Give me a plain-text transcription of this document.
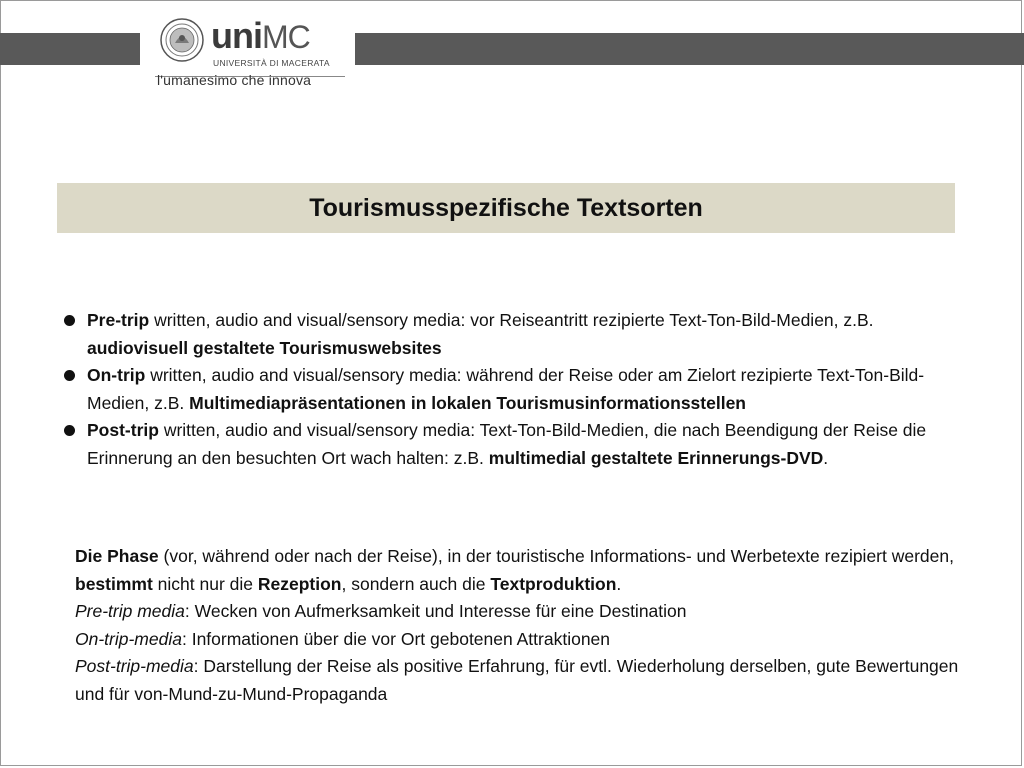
uniMC
UNIVERSITÀ DI MACERATA
l'umanesimo che innova
Tourismusspezifische Textsorten
Pre-trip written, audio and visual/sensory media: vor Reiseantritt rezipierte Text-Ton-Bild-Medien, z.B. audiovisuell gestaltete Tourismuswebsites
On-trip written, audio and visual/sensory media: während der Reise oder am Zielort rezipierte Text-Ton-Bild-Medien, z.B. Multimediapräsentationen in lokalen Tourismusinformationsstellen
Post-trip written, audio and visual/sensory media: Text-Ton-Bild-Medien, die nach Beendigung der Reise die Erinnerung an den besuchten Ort wach halten: z.B. multimedial gestaltete Erinnerungs-DVD.

Die Phase (vor, während oder nach der Reise), in der touristische Informations- und Werbetexte rezipiert werden, bestimmt nicht nur die Rezeption, sondern auch die Textproduktion.

Pre-trip media: Wecken von Aufmerksamkeit und Interesse für eine Destination

On-trip-media: Informationen über die vor Ort gebotenen Attraktionen

Post-trip-media: Darstellung der Reise als positive Erfahrung, für evtl. Wiederholung derselben, gute Bewertungen und für von-Mund-zu-Mund-Propaganda
